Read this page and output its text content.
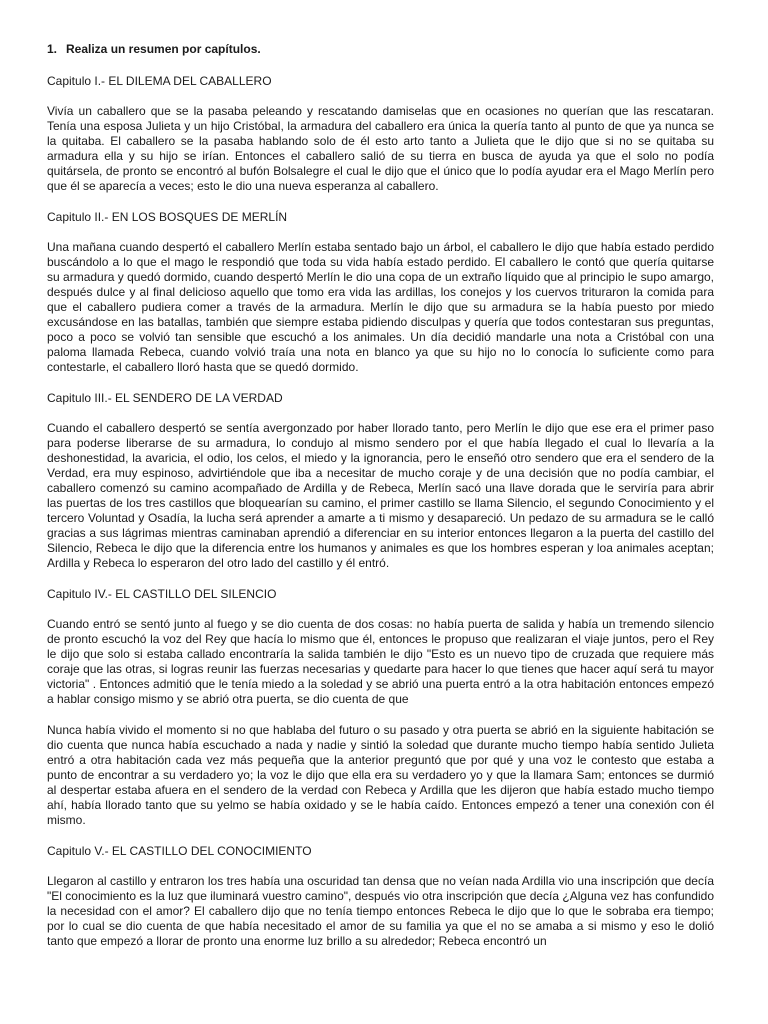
1. Realiza un resumen por capítulos.

Capitulo I.- EL DILEMA DEL CABALLERO

Vivía un caballero que se la pasaba peleando y rescatando damiselas que en ocasiones no querían que las rescataran. Tenía una esposa Julieta y un hijo Cristóbal, la armadura del caballero era única la quería tanto al punto de que ya nunca se la quitaba. El caballero se la pasaba hablando solo de él esto arto tanto a Julieta que le dijo que si no se quitaba su armadura ella y su hijo se irían. Entonces el caballero salió de su tierra en busca de ayuda ya que el solo no podía quitársela, de pronto se encontró al bufón Bolsalegre el cual le dijo que el único que lo podía ayudar era el Mago Merlín pero que él se aparecía a veces; esto le dio una nueva esperanza al caballero.

Capitulo II.- EN LOS BOSQUES DE MERLÍN

Una mañana cuando despertó el caballero Merlín estaba sentado bajo un árbol, el caballero le dijo que había estado perdido buscándolo a lo que el mago le respondió que toda su vida había estado perdido. El caballero le contó que quería quitarse su armadura y quedó dormido, cuando despertó Merlín le dio una copa de un extraño líquido que al principio le supo amargo, después dulce y al final delicioso aquello que tomo era vida las ardillas, los conejos y los cuervos trituraron la comida para que el caballero pudiera comer a través de la armadura. Merlín le dijo que su armadura se la había puesto por miedo excusándose en las batallas, también que siempre estaba pidiendo disculpas y quería que todos contestaran sus preguntas, poco a poco se volvió tan sensible que escuchó a los animales. Un día decidió mandarle una nota a Cristóbal con una paloma llamada Rebeca, cuando volvió traía una nota en blanco ya que su hijo no lo conocía lo suficiente como para contestarle, el caballero lloró hasta que se quedó dormido.

Capitulo III.- EL SENDERO DE LA VERDAD

Cuando el caballero despertó se sentía avergonzado por haber llorado tanto, pero Merlín le dijo que ese era el primer paso para poderse liberarse de su armadura, lo condujo al mismo sendero por el que había llegado el cual lo llevaría a la deshonestidad, la avaricia, el odio, los celos, el miedo y la ignorancia, pero le enseñó otro sendero que era el sendero de la Verdad, era muy espinoso, advirtiéndole que iba a necesitar de mucho coraje y de una decisión que no podía cambiar, el caballero comenzó su camino acompañado de Ardilla y de Rebeca, Merlín sacó una llave dorada que le serviría para abrir las puertas de los tres castillos que bloquearían su camino, el primer castillo se llama Silencio, el segundo Conocimiento y el tercero Voluntad y Osadía, la lucha será aprender a amarte a ti mismo y desapareció. Un pedazo de su armadura se le calló gracias a sus lágrimas mientras caminaban aprendió a diferenciar en su interior entonces llegaron a la puerta del castillo del Silencio, Rebeca le dijo que la diferencia entre los humanos y animales es que los hombres esperan y loa animales aceptan; Ardilla y Rebeca lo esperaron del otro lado del castillo y él entró.

Capitulo IV.- EL CASTILLO DEL SILENCIO

Cuando entró se sentó junto al fuego y se dio cuenta de dos cosas: no había puerta de salida y había un tremendo silencio de pronto escuchó la voz del Rey que hacía lo mismo que él, entonces le propuso que realizaran el viaje juntos, pero el Rey le dijo que solo si estaba callado encontraría la salida también le dijo "Esto es un nuevo tipo de cruzada que requiere más coraje que las otras, si logras reunir las fuerzas necesarias y quedarte para hacer lo que tienes que hacer aquí será tu mayor victoria" . Entonces admitió que le tenía miedo a la soledad y se abrió una puerta entró a la otra habitación entonces empezó a hablar consigo mismo y se abrió otra puerta, se dio cuenta de que

Nunca había vivido el momento si no que hablaba del futuro o su pasado y otra puerta se abrió en la siguiente habitación se dio cuenta que nunca había escuchado a nada y nadie y sintió la soledad que durante mucho tiempo había sentido Julieta entró a otra habitación cada vez más pequeña que la anterior preguntó que por qué y una voz le contesto que estaba a punto de encontrar a su verdadero yo; la voz le dijo que ella era su verdadero yo y que la llamara Sam; entonces se durmió al despertar estaba afuera en el sendero de la verdad con Rebeca y Ardilla que les dijeron que había estado mucho tiempo ahí, había llorado tanto que su yelmo se había oxidado y se le había caído. Entonces empezó a tener una conexión con él mismo.

Capitulo V.- EL CASTILLO DEL CONOCIMIENTO

Llegaron al castillo y entraron los tres había una oscuridad tan densa que no veían nada Ardilla vio una inscripción que decía "El conocimiento es la luz que iluminará vuestro camino", después vio otra inscripción que decía ¿Alguna vez has confundido la necesidad con el amor? El caballero dijo que no tenía tiempo entonces Rebeca le dijo que lo que le sobraba era tiempo; por lo cual se dio cuenta de que había necesitado el amor de su familia ya que el no se amaba a si mismo y eso le dolió tanto que empezó a llorar de pronto una enorme luz brillo a su alrededor; Rebeca encontró un
